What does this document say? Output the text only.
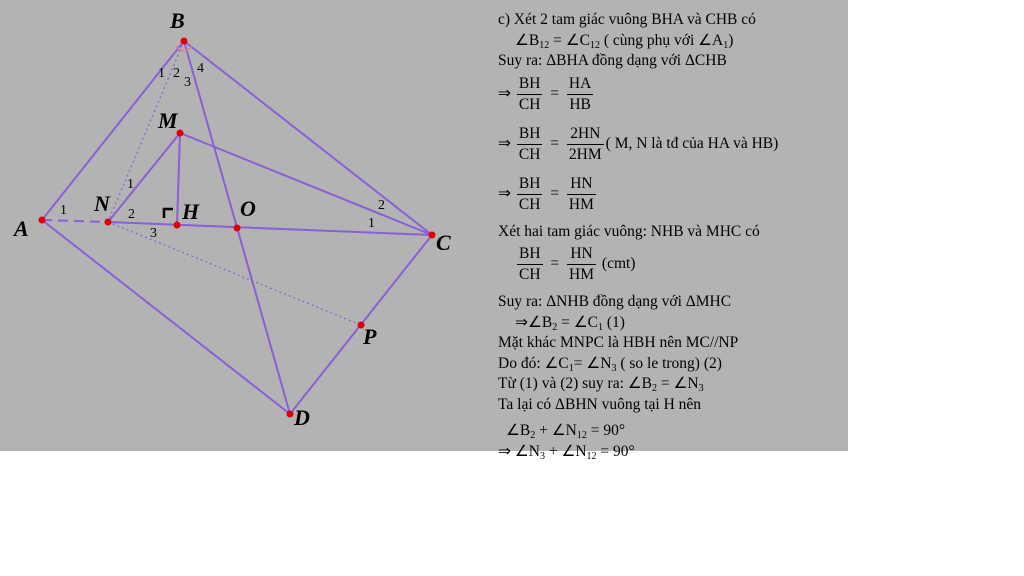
A
B
C
D
M
N	H O
P
1 2
3
4
1
1
2
3
1
2
c) Xét 2 tam giác vuông BHA và CHB có
$\angle B_{12}$ = $\angle C_{12}$ ( cùng phụ với $\angle A_1$)
Suy ra: ΔBHA đồng dạng với ΔCHB
⇒ $\frac{BH}{CH} = \frac{HA}{HB}$
⇒ $\frac{BH}{CH} = \frac{2HN}{2HM}$ ( M, N là tđ của HA và HB)
⇒ $\frac{BH}{CH} = \frac{HN}{HM}$
Xét hai tam giác vuông: NHB và MHC có
$\frac{BH}{CH} = \frac{HN}{HM} (cmt)$
Suy ra: ΔNHB đồng dạng với ΔMHC
$\Rightarrow\angle B_2$ = $\angle C_1$ (1)
Mặt khác MNPC là HBH nên MC//NP
Do đó: $\angle C_1=$ $\angle N_3$ ( so le trong) (2)
Từ (1) và (2) suy ra: $\angle B_2$ = $\angle N_3$
Ta lại có ΔBHN vuông tại H nên
$\angle B_2$ + $\angle N_{12} = 90^\circ$
⇒ $\angle N_3$ + $\angle N_{12} = 90^\circ$
